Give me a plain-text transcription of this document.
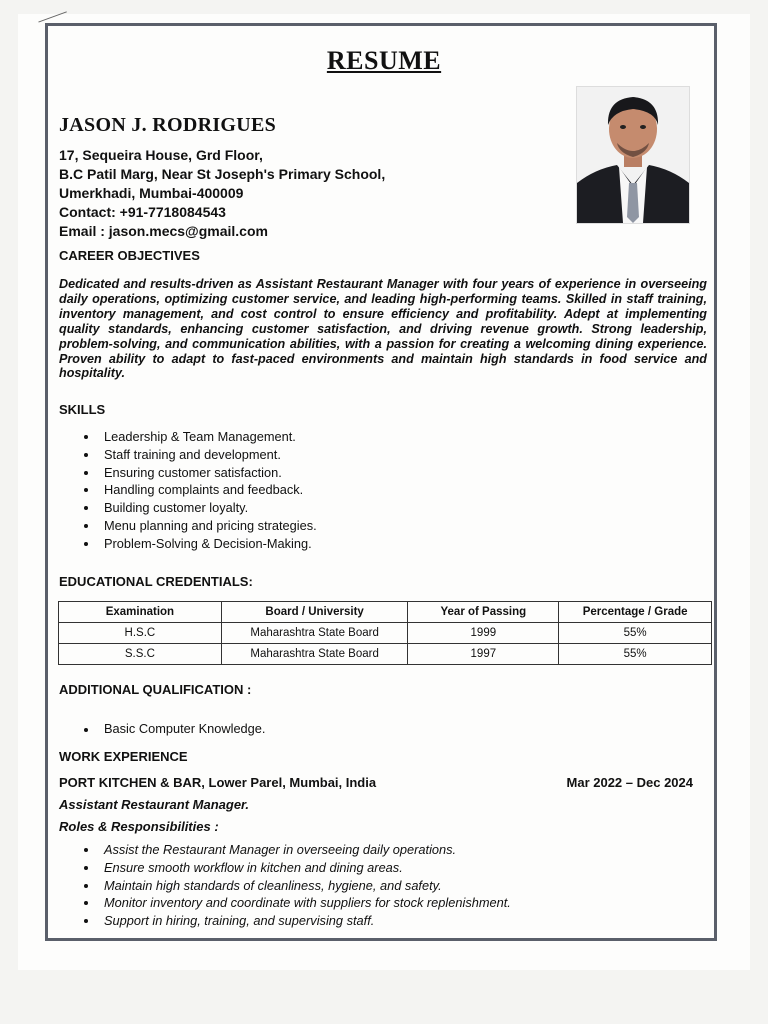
RESUME
JASON J. RODRIGUES
17, Sequeira House, Grd Floor,
B.C Patil Marg, Near St Joseph's Primary School,
Umerkhadi, Mumbai-400009
Contact: +91-7718084543
Email : jason.mecs@gmail.com
CAREER OBJECTIVES
Dedicated and results-driven as Assistant Restaurant Manager with four years of experience in overseeing daily operations, optimizing customer service, and leading high-performing teams. Skilled in staff training, inventory management, and cost control to ensure efficiency and profitability. Adept at implementing quality standards, enhancing customer satisfaction, and driving revenue growth. Strong leadership, problem-solving, and communication abilities, with a passion for creating a welcoming dining experience. Proven ability to adapt to fast-paced environments and maintain high standards in food service and hospitality.
SKILLS
Leadership & Team Management.
Staff training and development.
Ensuring customer satisfaction.
Handling complaints and feedback.
Building customer loyalty.
Menu planning and pricing strategies.
Problem-Solving & Decision-Making.
EDUCATIONAL CREDENTIALS:
Examination	Board / University	Year of Passing	Percentage / Grade
H.S.C	Maharashtra State Board	1999	55%
S.S.C	Maharashtra State Board	1997	55%
ADDITIONAL QUALIFICATION :
Basic Computer Knowledge.
WORK EXPERIENCE
PORT KITCHEN & BAR, Lower Parel, Mumbai, India	Mar 2022 – Dec 2024
Assistant Restaurant Manager.
Roles & Responsibilities :
Assist the Restaurant Manager in overseeing daily operations.
Ensure smooth workflow in kitchen and dining areas.
Maintain high standards of cleanliness, hygiene, and safety.
Monitor inventory and coordinate with suppliers for stock replenishment.
Support in hiring, training, and supervising staff.
